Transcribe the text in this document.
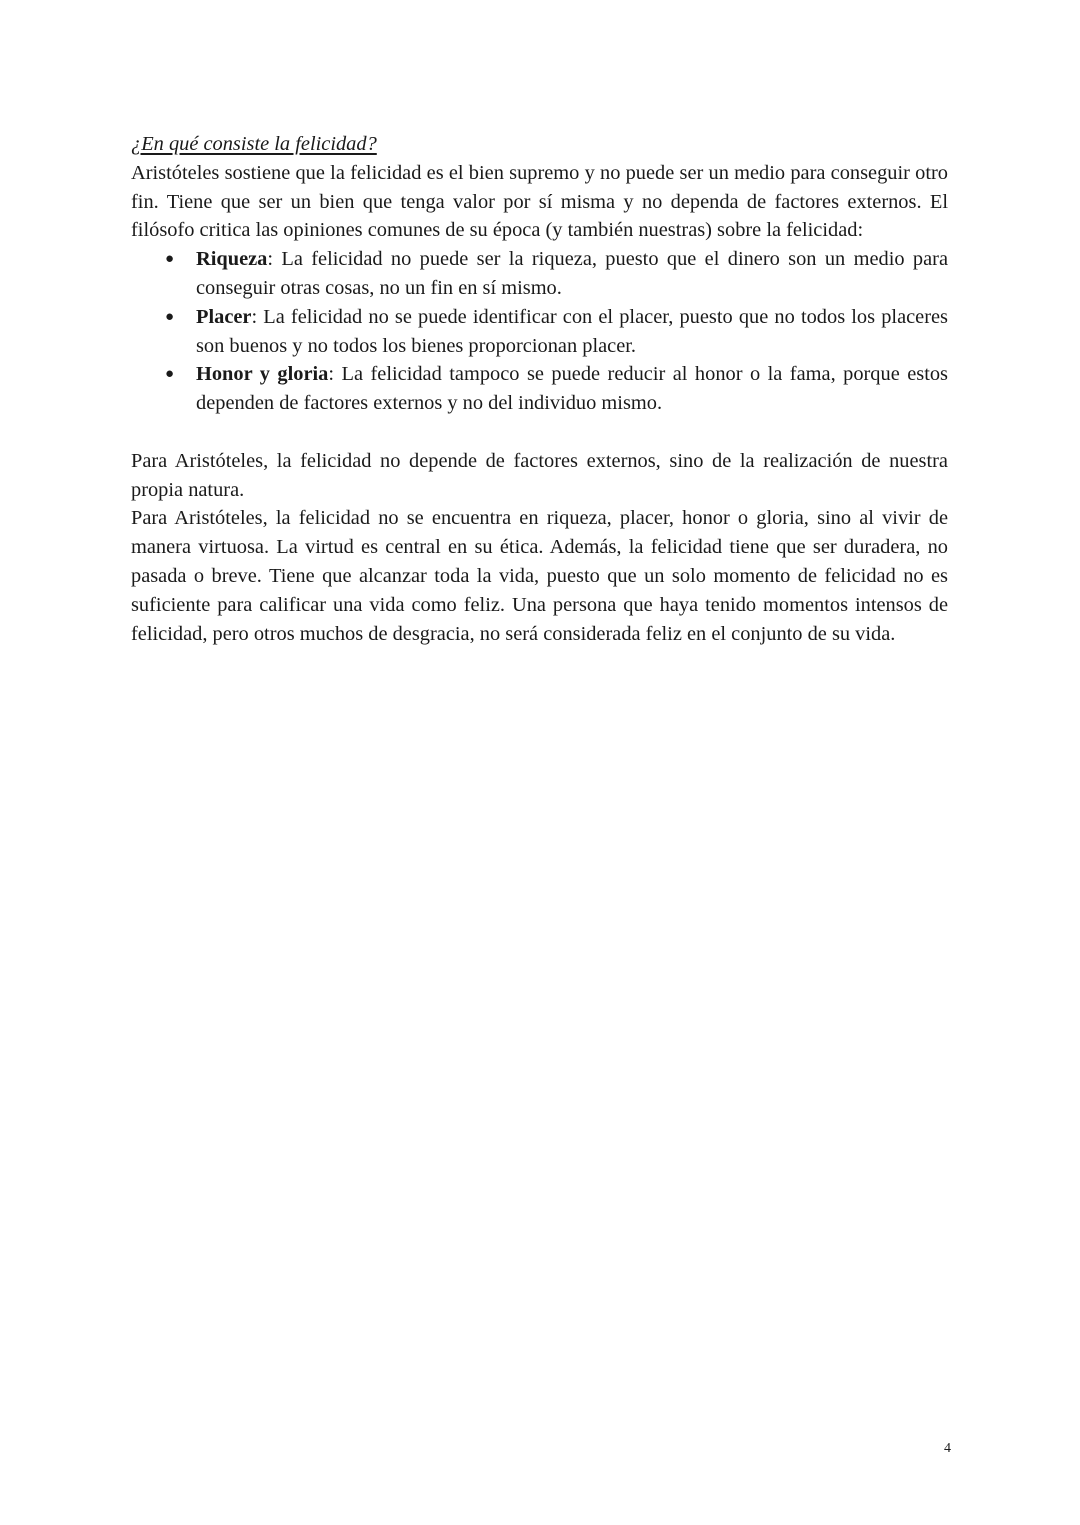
¿En qué consiste la felicidad?

Aristóteles sostiene que la felicidad es el bien supremo y no puede ser un medio para conseguir otro fin. Tiene que ser un bien que tenga valor por sí misma y no dependa de factores externos. El filósofo critica las opiniones comunes de su época (y también nuestras) sobre la felicidad:

● Riqueza: La felicidad no puede ser la riqueza, puesto que el dinero son un medio para conseguir otras cosas, no un fin en sí mismo.
● Placer: La felicidad no se puede identificar con el placer, puesto que no todos los placeres son buenos y no todos los bienes proporcionan placer.
● Honor y gloria: La felicidad tampoco se puede reducir al honor o la fama, porque estos dependen de factores externos y no del individuo mismo.

Para Aristóteles, la felicidad no depende de factores externos, sino de la realización de nuestra propia natura.

Para Aristóteles, la felicidad no se encuentra en riqueza, placer, honor o gloria, sino al vivir de manera virtuosa. La virtud es central en su ética. Además, la felicidad tiene que ser duradera, no pasada o breve. Tiene que alcanzar toda la vida, puesto que un solo momento de felicidad no es suficiente para calificar una vida como feliz. Una persona que haya tenido momentos intensos de felicidad, pero otros muchos de desgracia, no será considerada feliz en el conjunto de su vida.

4
